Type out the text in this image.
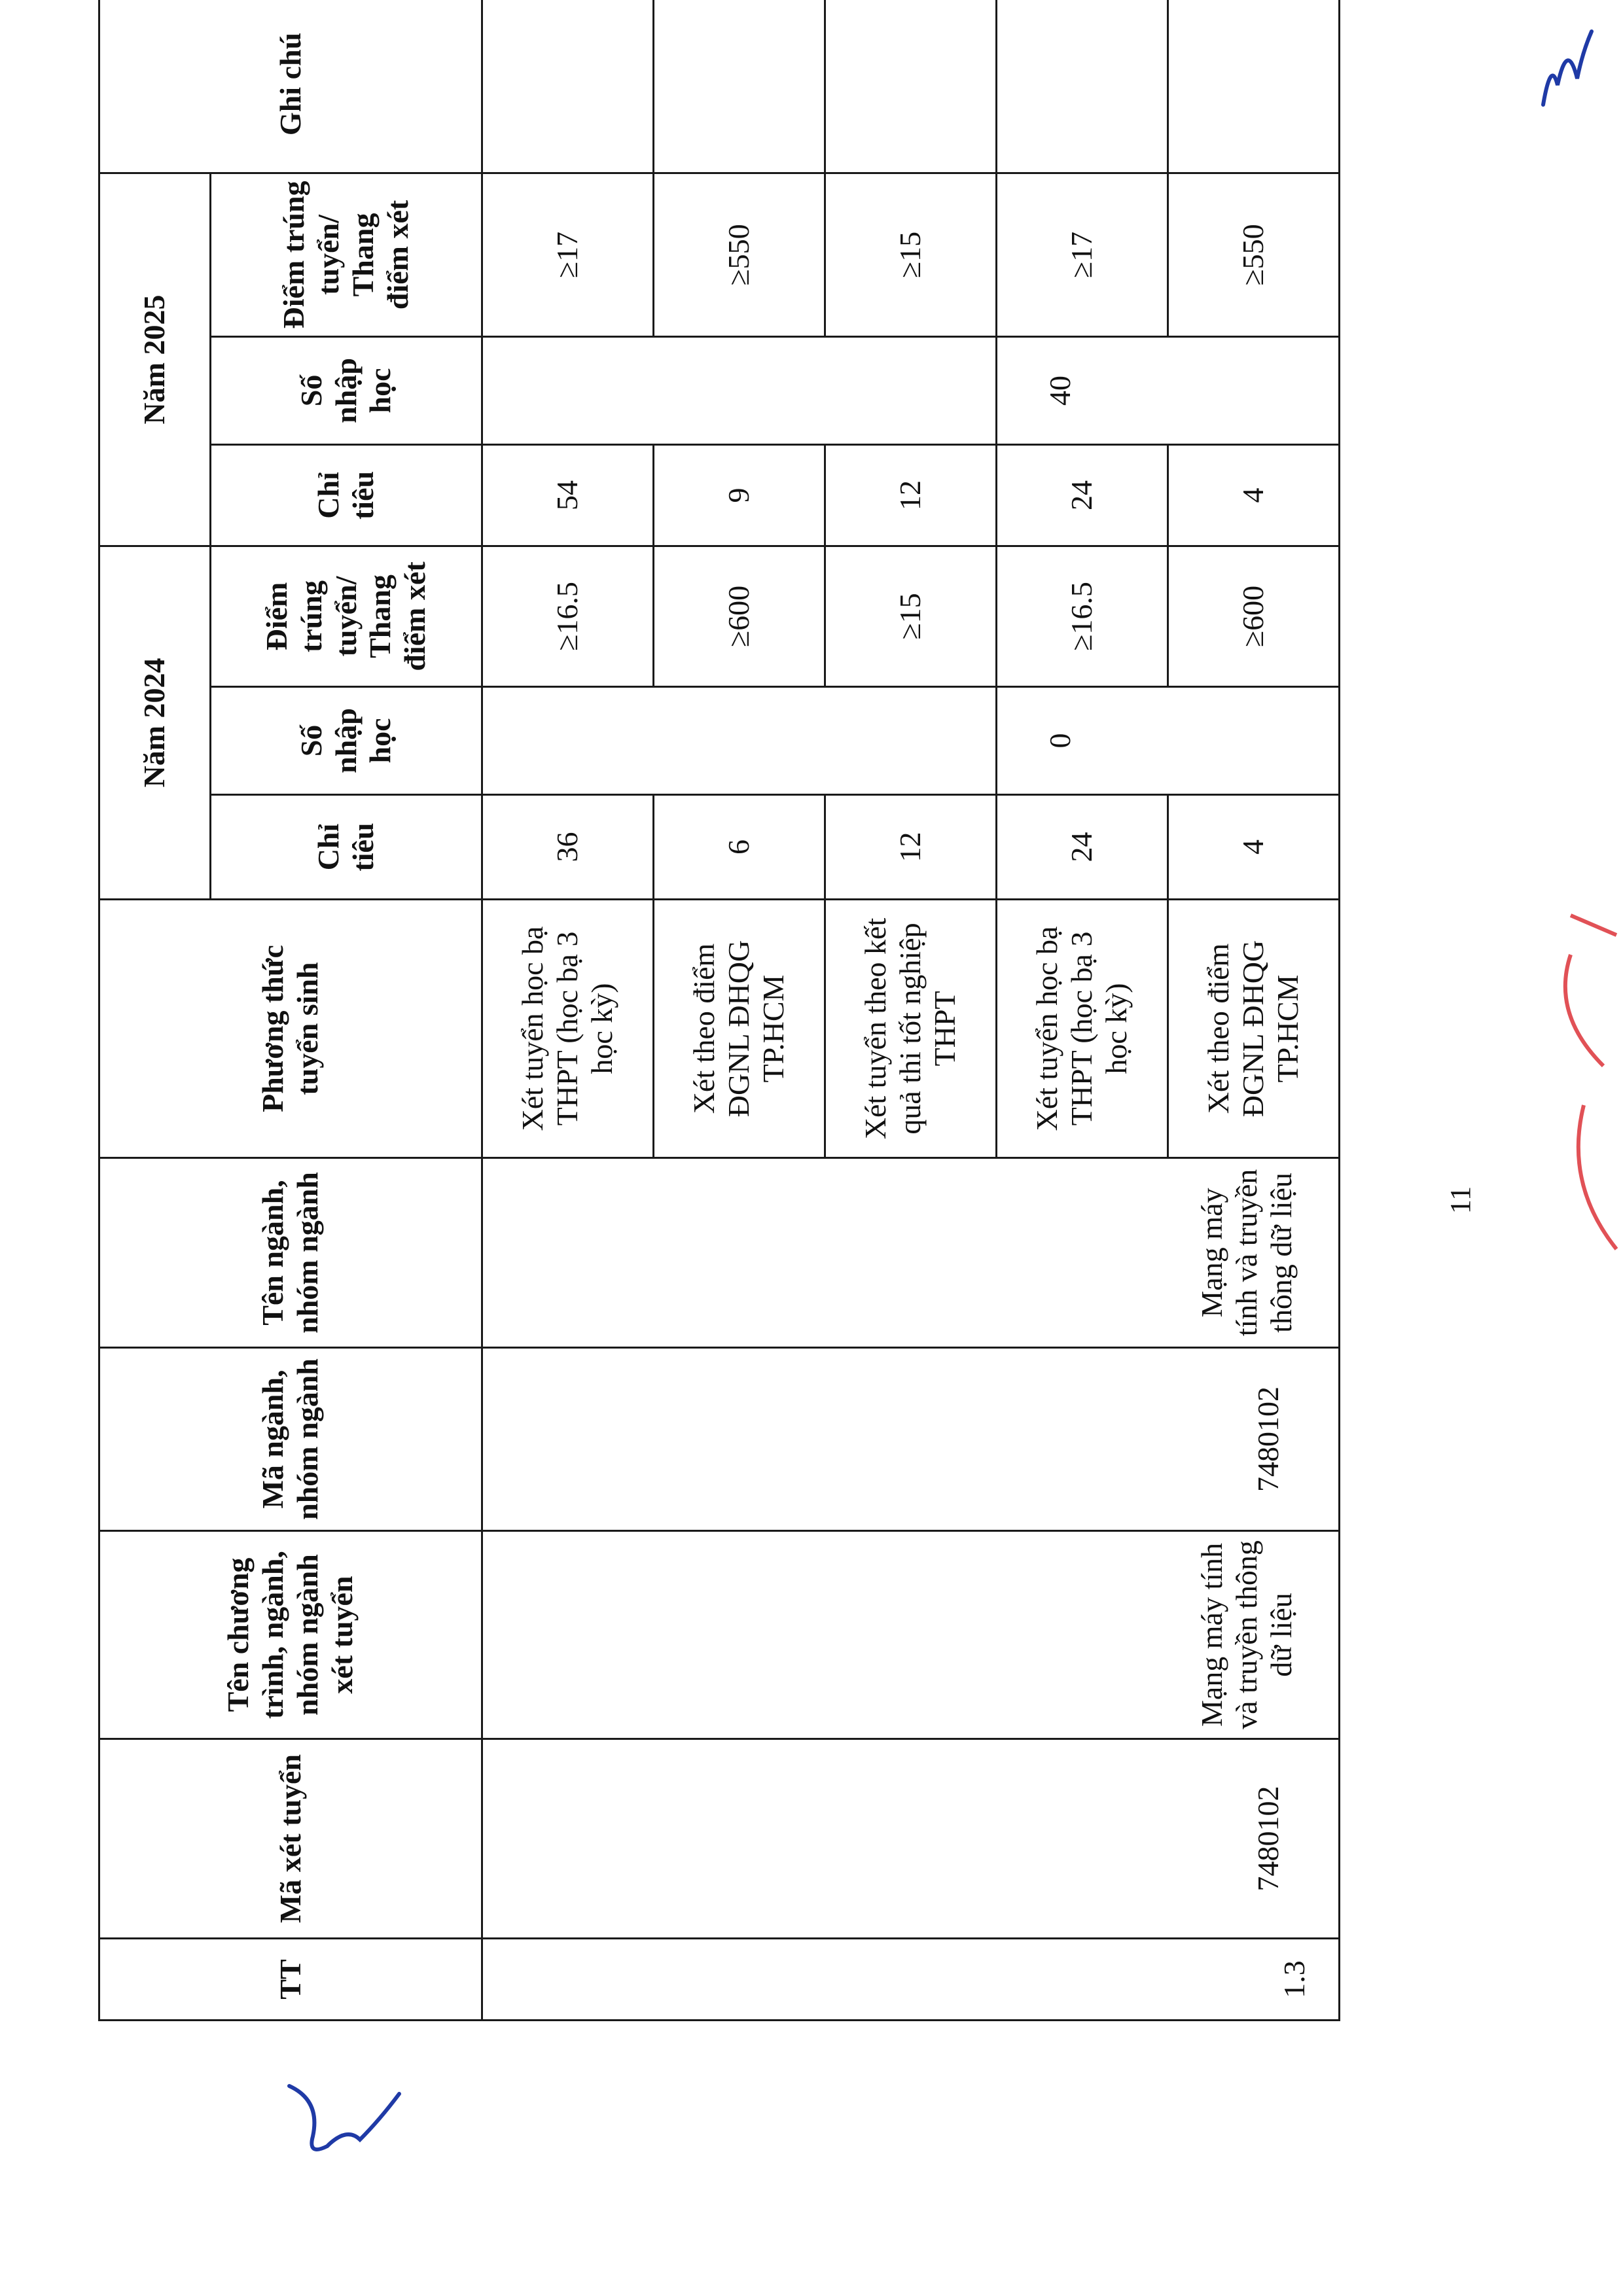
TT	Mã xét tuyển	Tên chương trình, ngành, nhóm ngành xét tuyển	Mã ngành, nhóm ngành	Tên ngành, nhóm ngành	Phương thức tuyển sinh	Năm 2024			Năm 2025			Ghi chú
						Chỉ tiêu	Số nhập học	Điểm trúng tuyển/ Thang điểm xét	Chỉ tiêu	Số nhập học	Điểm trúng tuyển/ Thang điểm xét	
1.3	7480102	Mạng máy tính và truyền thông dữ liệu	7480102	Mạng máy tính và truyền thông dữ liệu	Xét tuyển học bạ THPT (học bạ 3 học kỳ)	36		≥16.5	54		≥17	
					Xét theo điểm ĐGNL ĐHQG TP.HCM	6		≥600	9		≥550	
					Xét tuyển theo kết quả thi tốt nghiệp THPT	12		≥15	12		≥15	
					Xét tuyển học bạ THPT (học bạ 3 học kỳ)	24	0	≥16.5	24	40	≥17	
					Xét theo điểm ĐGNL ĐHQG TP.HCM	4		≥600	4		≥550	
11
